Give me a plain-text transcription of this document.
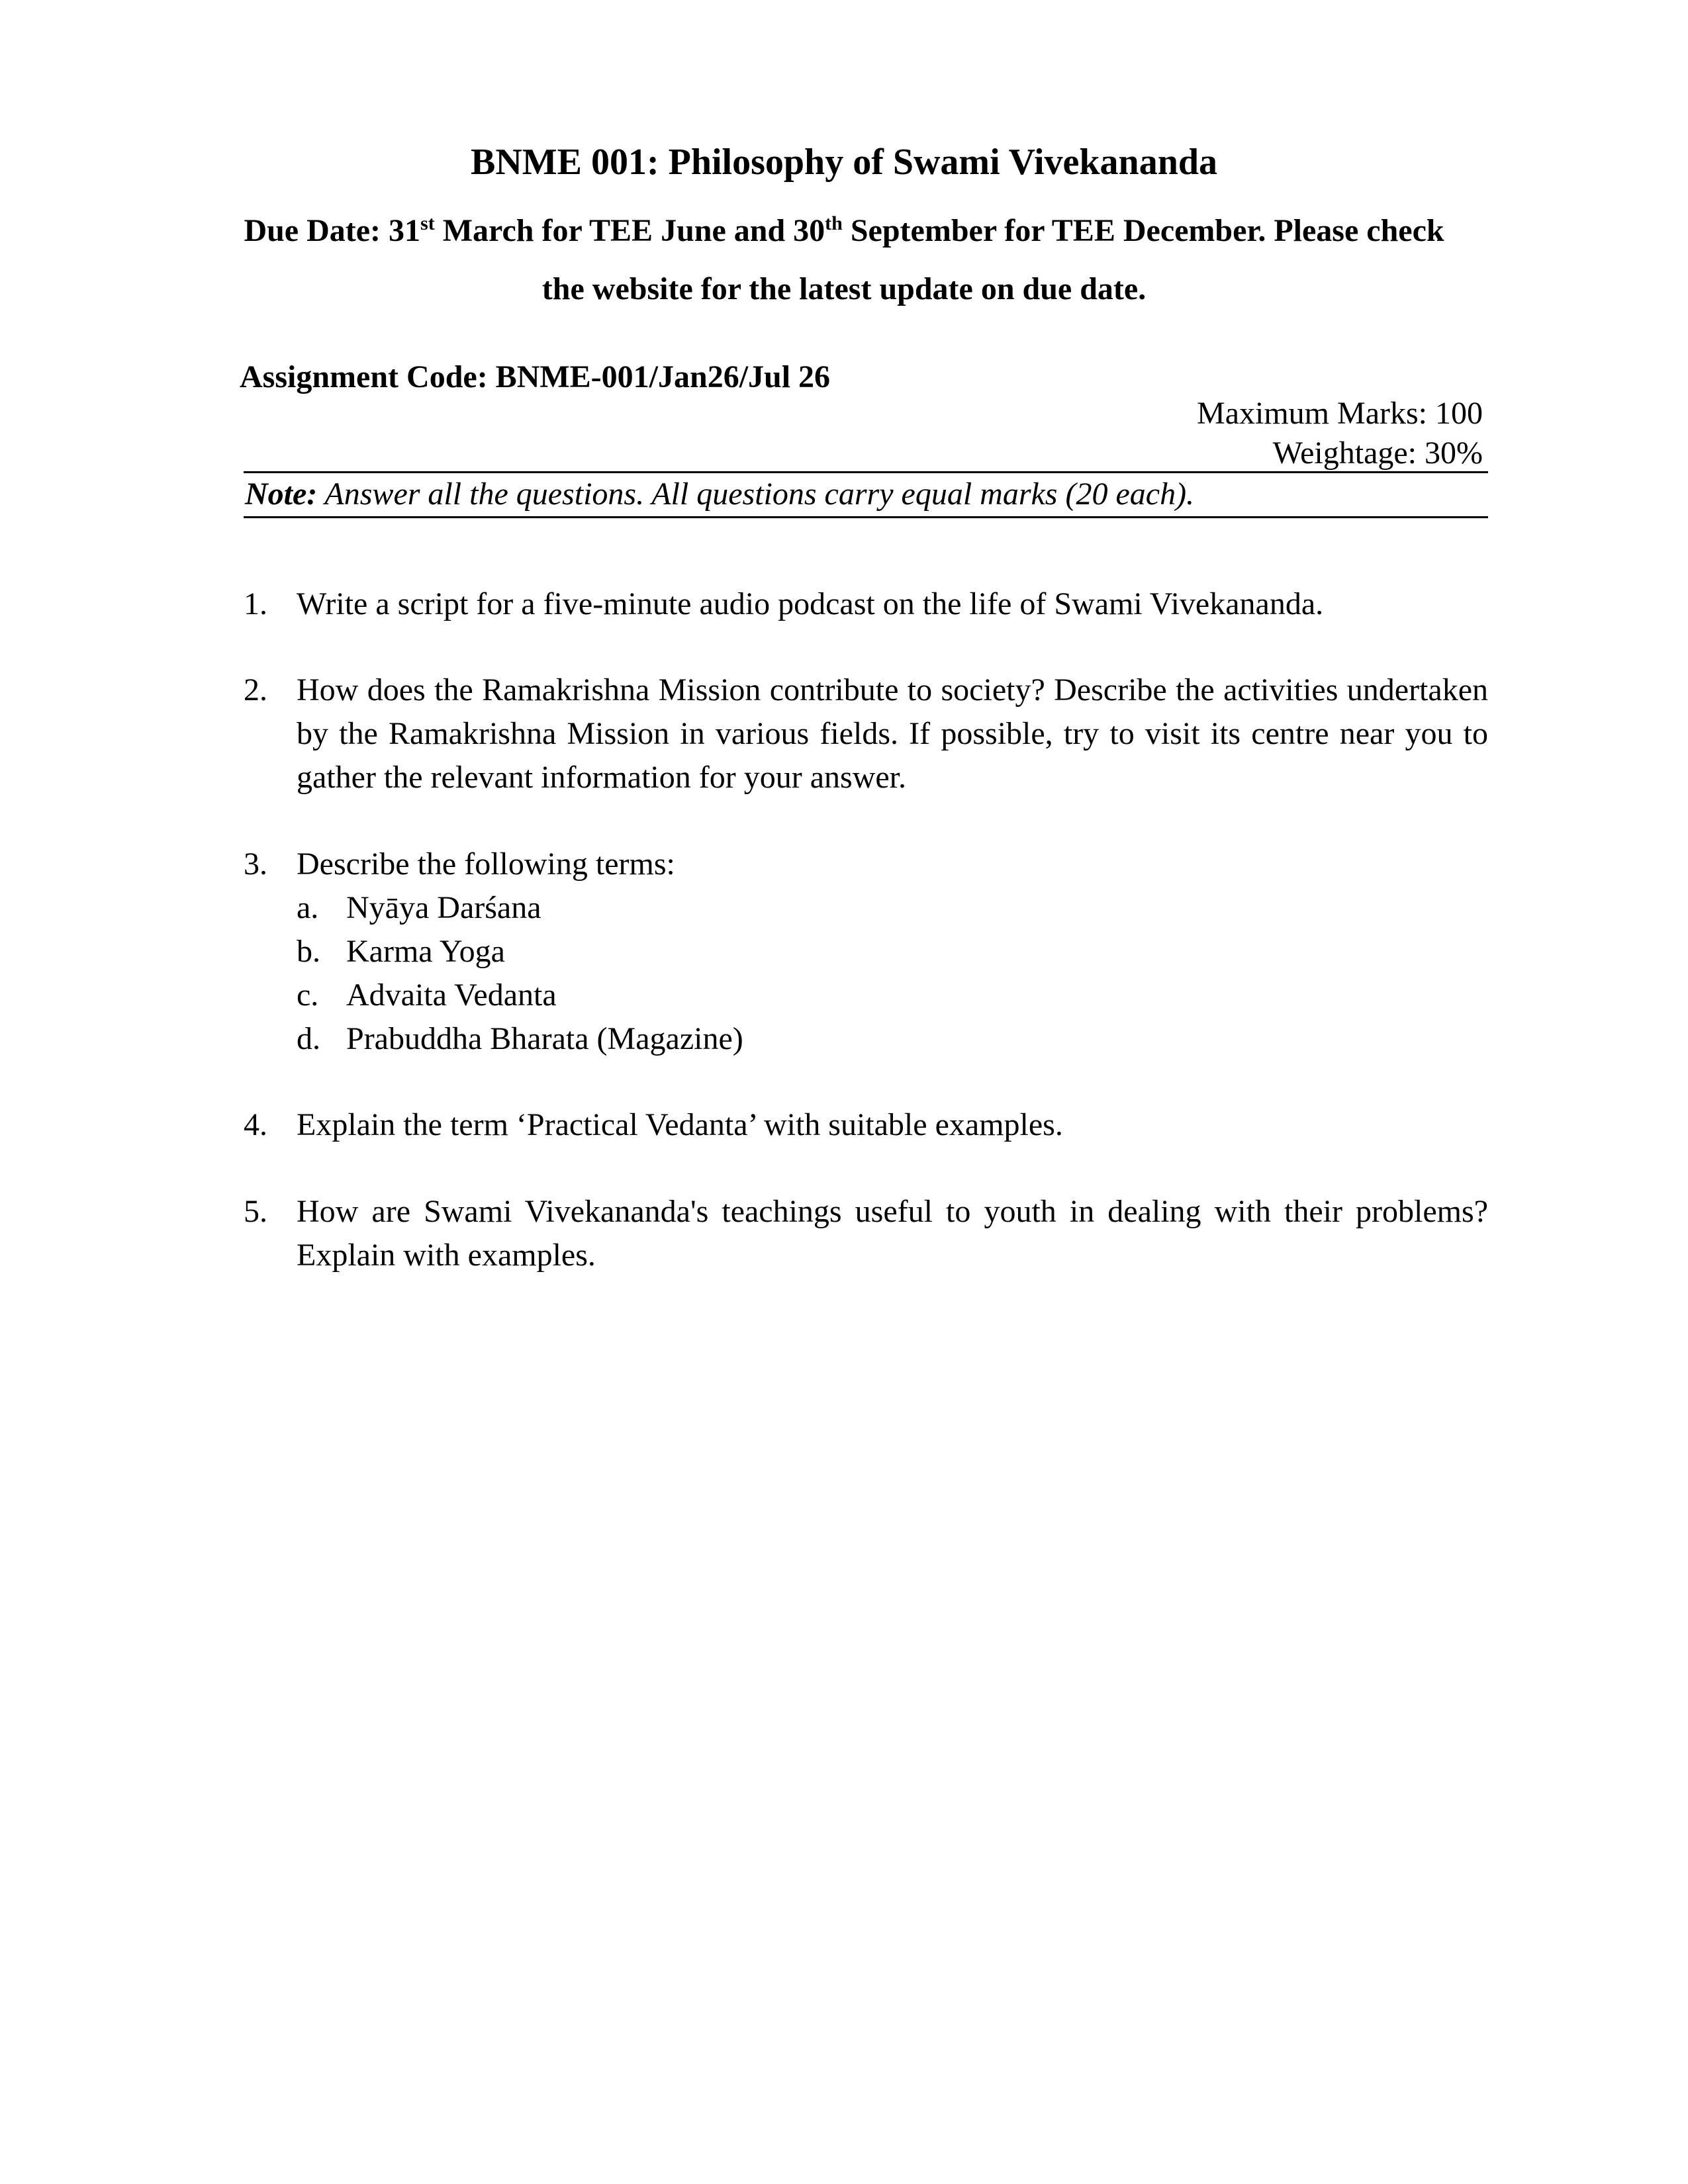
BNME 001: Philosophy of Swami Vivekananda
Due Date: 31st March for TEE June and 30th September for TEE December. Please check
the website for the latest update on due date.
Assignment Code: BNME-001/Jan26/Jul 26
Maximum Marks: 100
Weightage: 30%
Note: Answer all the questions. All questions carry equal marks (20 each).
1. Write a script for a five-minute audio podcast on the life of Swami Vivekananda.
2. How does the Ramakrishna Mission contribute to society? Describe the activities undertaken by the Ramakrishna Mission in various fields. If possible, try to visit its centre near you to gather the relevant information for your answer.
3. Describe the following terms:
a. Nyāya Darśana
b. Karma Yoga
c. Advaita Vedanta
d. Prabuddha Bharata (Magazine)
4. Explain the term ‘Practical Vedanta’ with suitable examples.
5. How are Swami Vivekananda's teachings useful to youth in dealing with their problems? Explain with examples.
